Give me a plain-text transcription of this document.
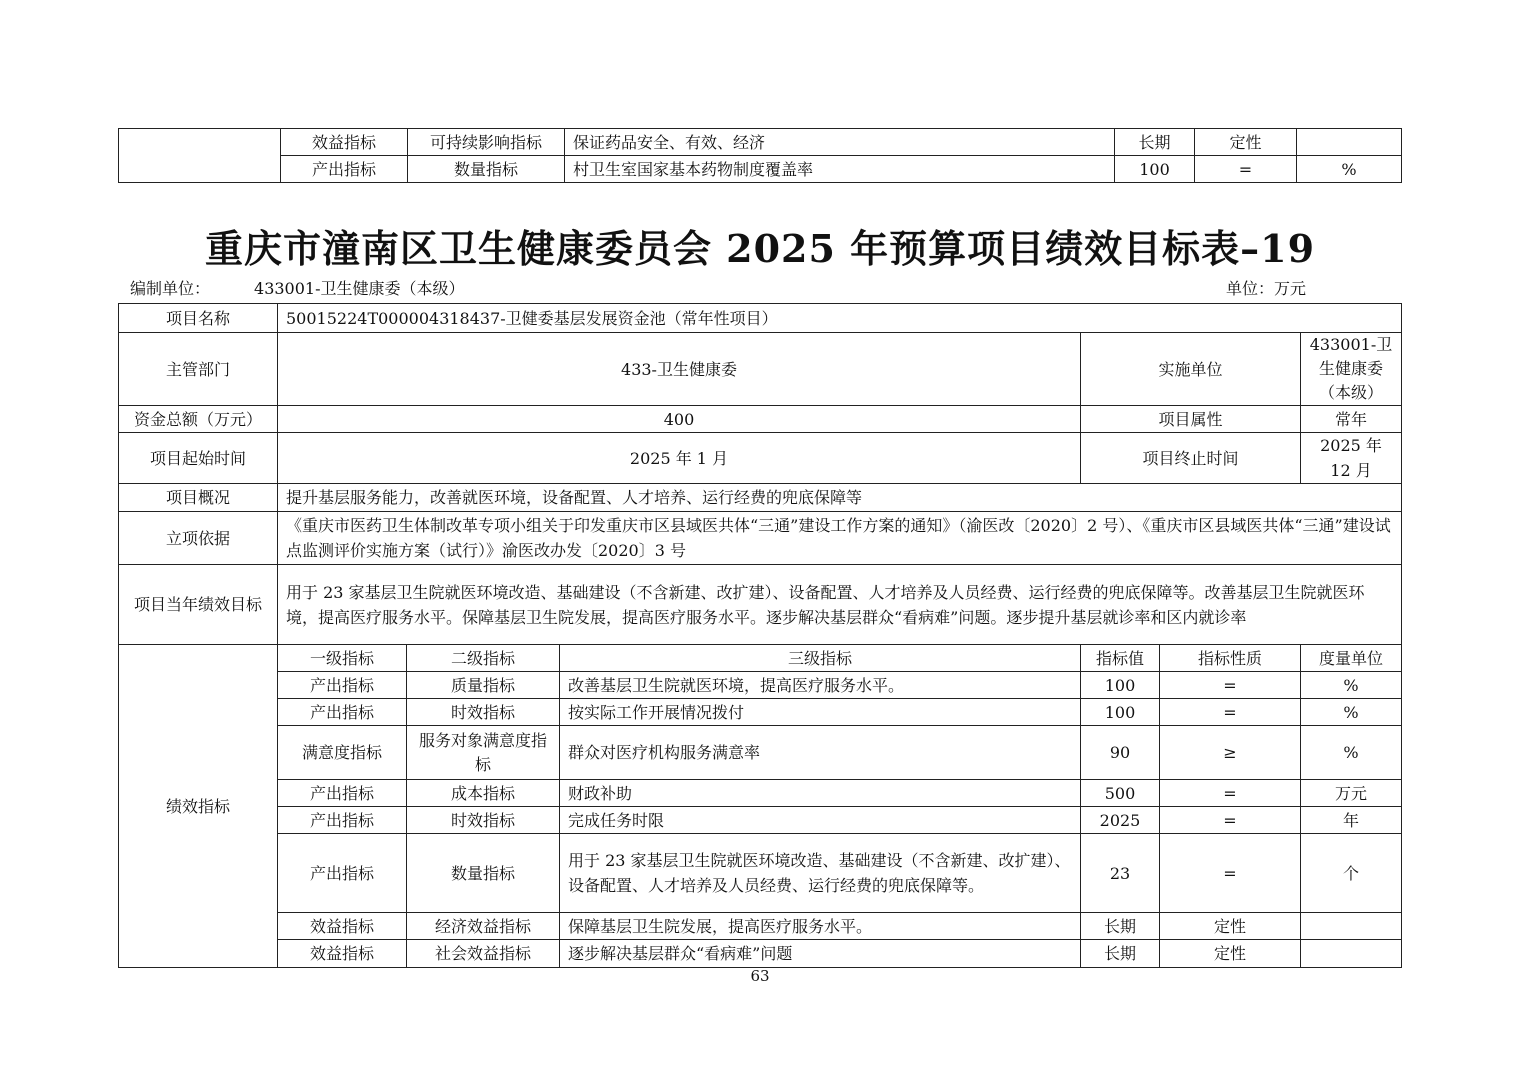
	效益指标	可持续影响指标	保证药品安全、有效、经济	长期	定性	
	产出指标	数量指标	村卫生室国家基本药物制度覆盖率	100	=	%
重庆市潼南区卫生健康委员会 2025 年预算项目绩效目标表–19
编制单位：	433001-卫生健康委（本级）	单位：万元
项目名称	50015224T000004318437-卫健委基层发展资金池（常年性项目）					
主管部门	433-卫生健康委			实施单位		433001-卫生健康委（本级）
资金总额（万元）	400			项目属性		常年
项目起始时间	2025 年 1 月			项目终止时间		2025 年 12 月
项目概况	提升基层服务能力，改善就医环境，设备配置、人才培养、运行经费的兜底保障等					
立项依据	《重庆市医药卫生体制改革专项小组关于印发重庆市区县域医共体“三通”建设工作方案的通知》（渝医改〔2020〕2 号）、《重庆市区县域医共体“三通”建设试点监测评价实施方案（试行）》渝医改办发〔2020〕3 号					
项目当年绩效目标	用于 23 家基层卫生院就医环境改造、基础建设（不含新建、改扩建）、设备配置、人才培养及人员经费、运行经费的兜底保障等。改善基层卫生院就医环境，提高医疗服务水平。保障基层卫生院发展，提高医疗服务水平。逐步解决基层群众“看病难”问题。逐步提升基层就诊率和区内就诊率					
绩效指标	一级指标	二级指标	三级指标	指标值	指标性质	度量单位
	产出指标	质量指标	改善基层卫生院就医环境，提高医疗服务水平。	100	=	%
	产出指标	时效指标	按实际工作开展情况拨付	100	=	%
	满意度指标	服务对象满意度指标	群众对医疗机构服务满意率	90	≥	%
	产出指标	成本指标	财政补助	500	=	万元
	产出指标	时效指标	完成任务时限	2025	=	年
	产出指标	数量指标	用于 23 家基层卫生院就医环境改造、基础建设（不含新建、改扩建）、设备配置、人才培养及人员经费、运行经费的兜底保障等。	23	=	个
	效益指标	经济效益指标	保障基层卫生院发展，提高医疗服务水平。	长期	定性	
	效益指标	社会效益指标	逐步解决基层群众“看病难”问题	长期	定性	
63
